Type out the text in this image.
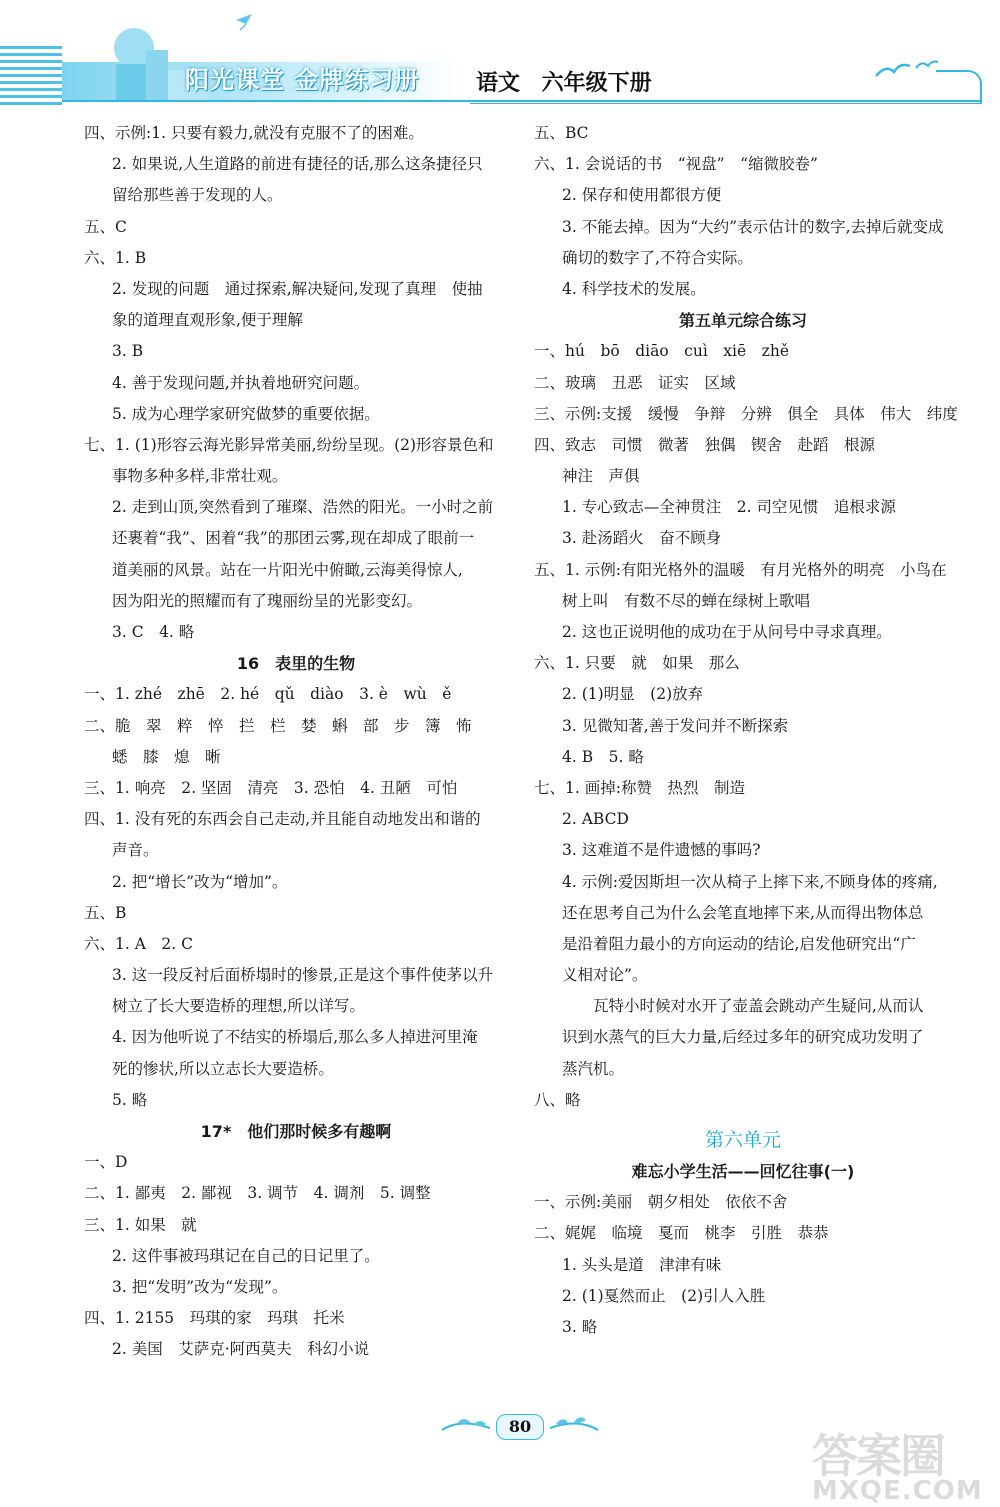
阳光课堂 金牌练习册	语文 六年级下册
四、示例:1. 只要有毅力,就没有克服不了的困难。
2. 如果说,人生道路的前进有捷径的话,那么这条捷径只
留给那些善于发现的人。
五、C
六、1. B
2. 发现的问题　通过探索,解决疑问,发现了真理　使抽
象的道理直观形象,便于理解
3. B
4. 善于发现问题,并执着地研究问题。
5. 成为心理学家研究做梦的重要依据。
七、1. (1)形容云海光影异常美丽,纷纷呈现。(2)形容景色和
事物多种多样,非常壮观。
2. 走到山顶,突然看到了璀璨、浩然的阳光。一小时之前
还裹着“我”、困着“我”的那团云雾,现在却成了眼前一
道美丽的风景。站在一片阳光中俯瞰,云海美得惊人,
因为阳光的照耀而有了瑰丽纷呈的光影变幻。
3. C　4. 略
16　表里的生物
一、1. zhé　zhē　2. hé　qǔ　diào　3. è　wù　ě
二、脆　翠　粹　悴　拦　栏　婪　蝌　部　步　簿　怖
蟋　膝　熄　晰
三、1. 响亮　2. 坚固　清亮　3. 恐怕　4. 丑陋　可怕
四、1. 没有死的东西会自己走动,并且能自动地发出和谐的
声音。
2. 把“增长”改为“增加”。
五、B
六、1. A　2. C
3. 这一段反衬后面桥塌时的惨景,正是这个事件使茅以升
树立了长大要造桥的理想,所以详写。
4. 因为他听说了不结实的桥塌后,那么多人掉进河里淹
死的惨状,所以立志长大要造桥。
5. 略
17*　他们那时候多有趣啊
一、D
二、1. 鄙夷　2. 鄙视　3. 调节　4. 调剂　5. 调整
三、1. 如果　就
2. 这件事被玛琪记在自己的日记里了。
3. 把“发明”改为“发现”。
四、1. 2155　玛琪的家　玛琪　托米
2. 美国　艾萨克·阿西莫夫　科幻小说
五、BC
六、1. 会说话的书　“视盘”　“缩微胶卷”
2. 保存和使用都很方便
3. 不能去掉。因为“大约”表示估计的数字,去掉后就变成
确切的数字了,不符合实际。
4. 科学技术的发展。
第五单元综合练习
一、hú　bō　diāo　cuì　xiē　zhě
二、玻璃　丑恶　证实　区域
三、示例:支援　缓慢　争辩　分辨　俱全　具体　伟大　纬度
四、致志　司惯　微著　独偶　锲舍　赴蹈　根源
神注　声俱
1. 专心致志—全神贯注　2. 司空见惯　追根求源
3. 赴汤蹈火　奋不顾身
五、1. 示例:有阳光格外的温暖　有月光格外的明亮　小鸟在
树上叫　有数不尽的蝉在绿树上歌唱
2. 这也正说明他的成功在于从问号中寻求真理。
六、1. 只要　就　如果　那么
2. (1)明显　(2)放弃
3. 见微知著,善于发问并不断探索
4. B　5. 略
七、1. 画掉:称赞　热烈　制造
2. ABCD
3. 这难道不是件遗憾的事吗?
4. 示例:爱因斯坦一次从椅子上摔下来,不顾身体的疼痛,
还在思考自己为什么会笔直地摔下来,从而得出物体总
是沿着阻力最小的方向运动的结论,启发他研究出“广
义相对论”。
　　瓦特小时候对水开了壶盖会跳动产生疑问,从而认
识到水蒸气的巨大力量,后经过多年的研究成功发明了
蒸汽机。
八、略
第六单元
难忘小学生活——回忆往事(一)
一、示例:美丽　朝夕相处　依依不舍
二、娓娓　临境　戛而　桃李　引胜　恭恭
1. 头头是道　津津有味
2. (1)戛然而止　(2)引人入胜
3. 略
80
答案圈
MXQE.COM
